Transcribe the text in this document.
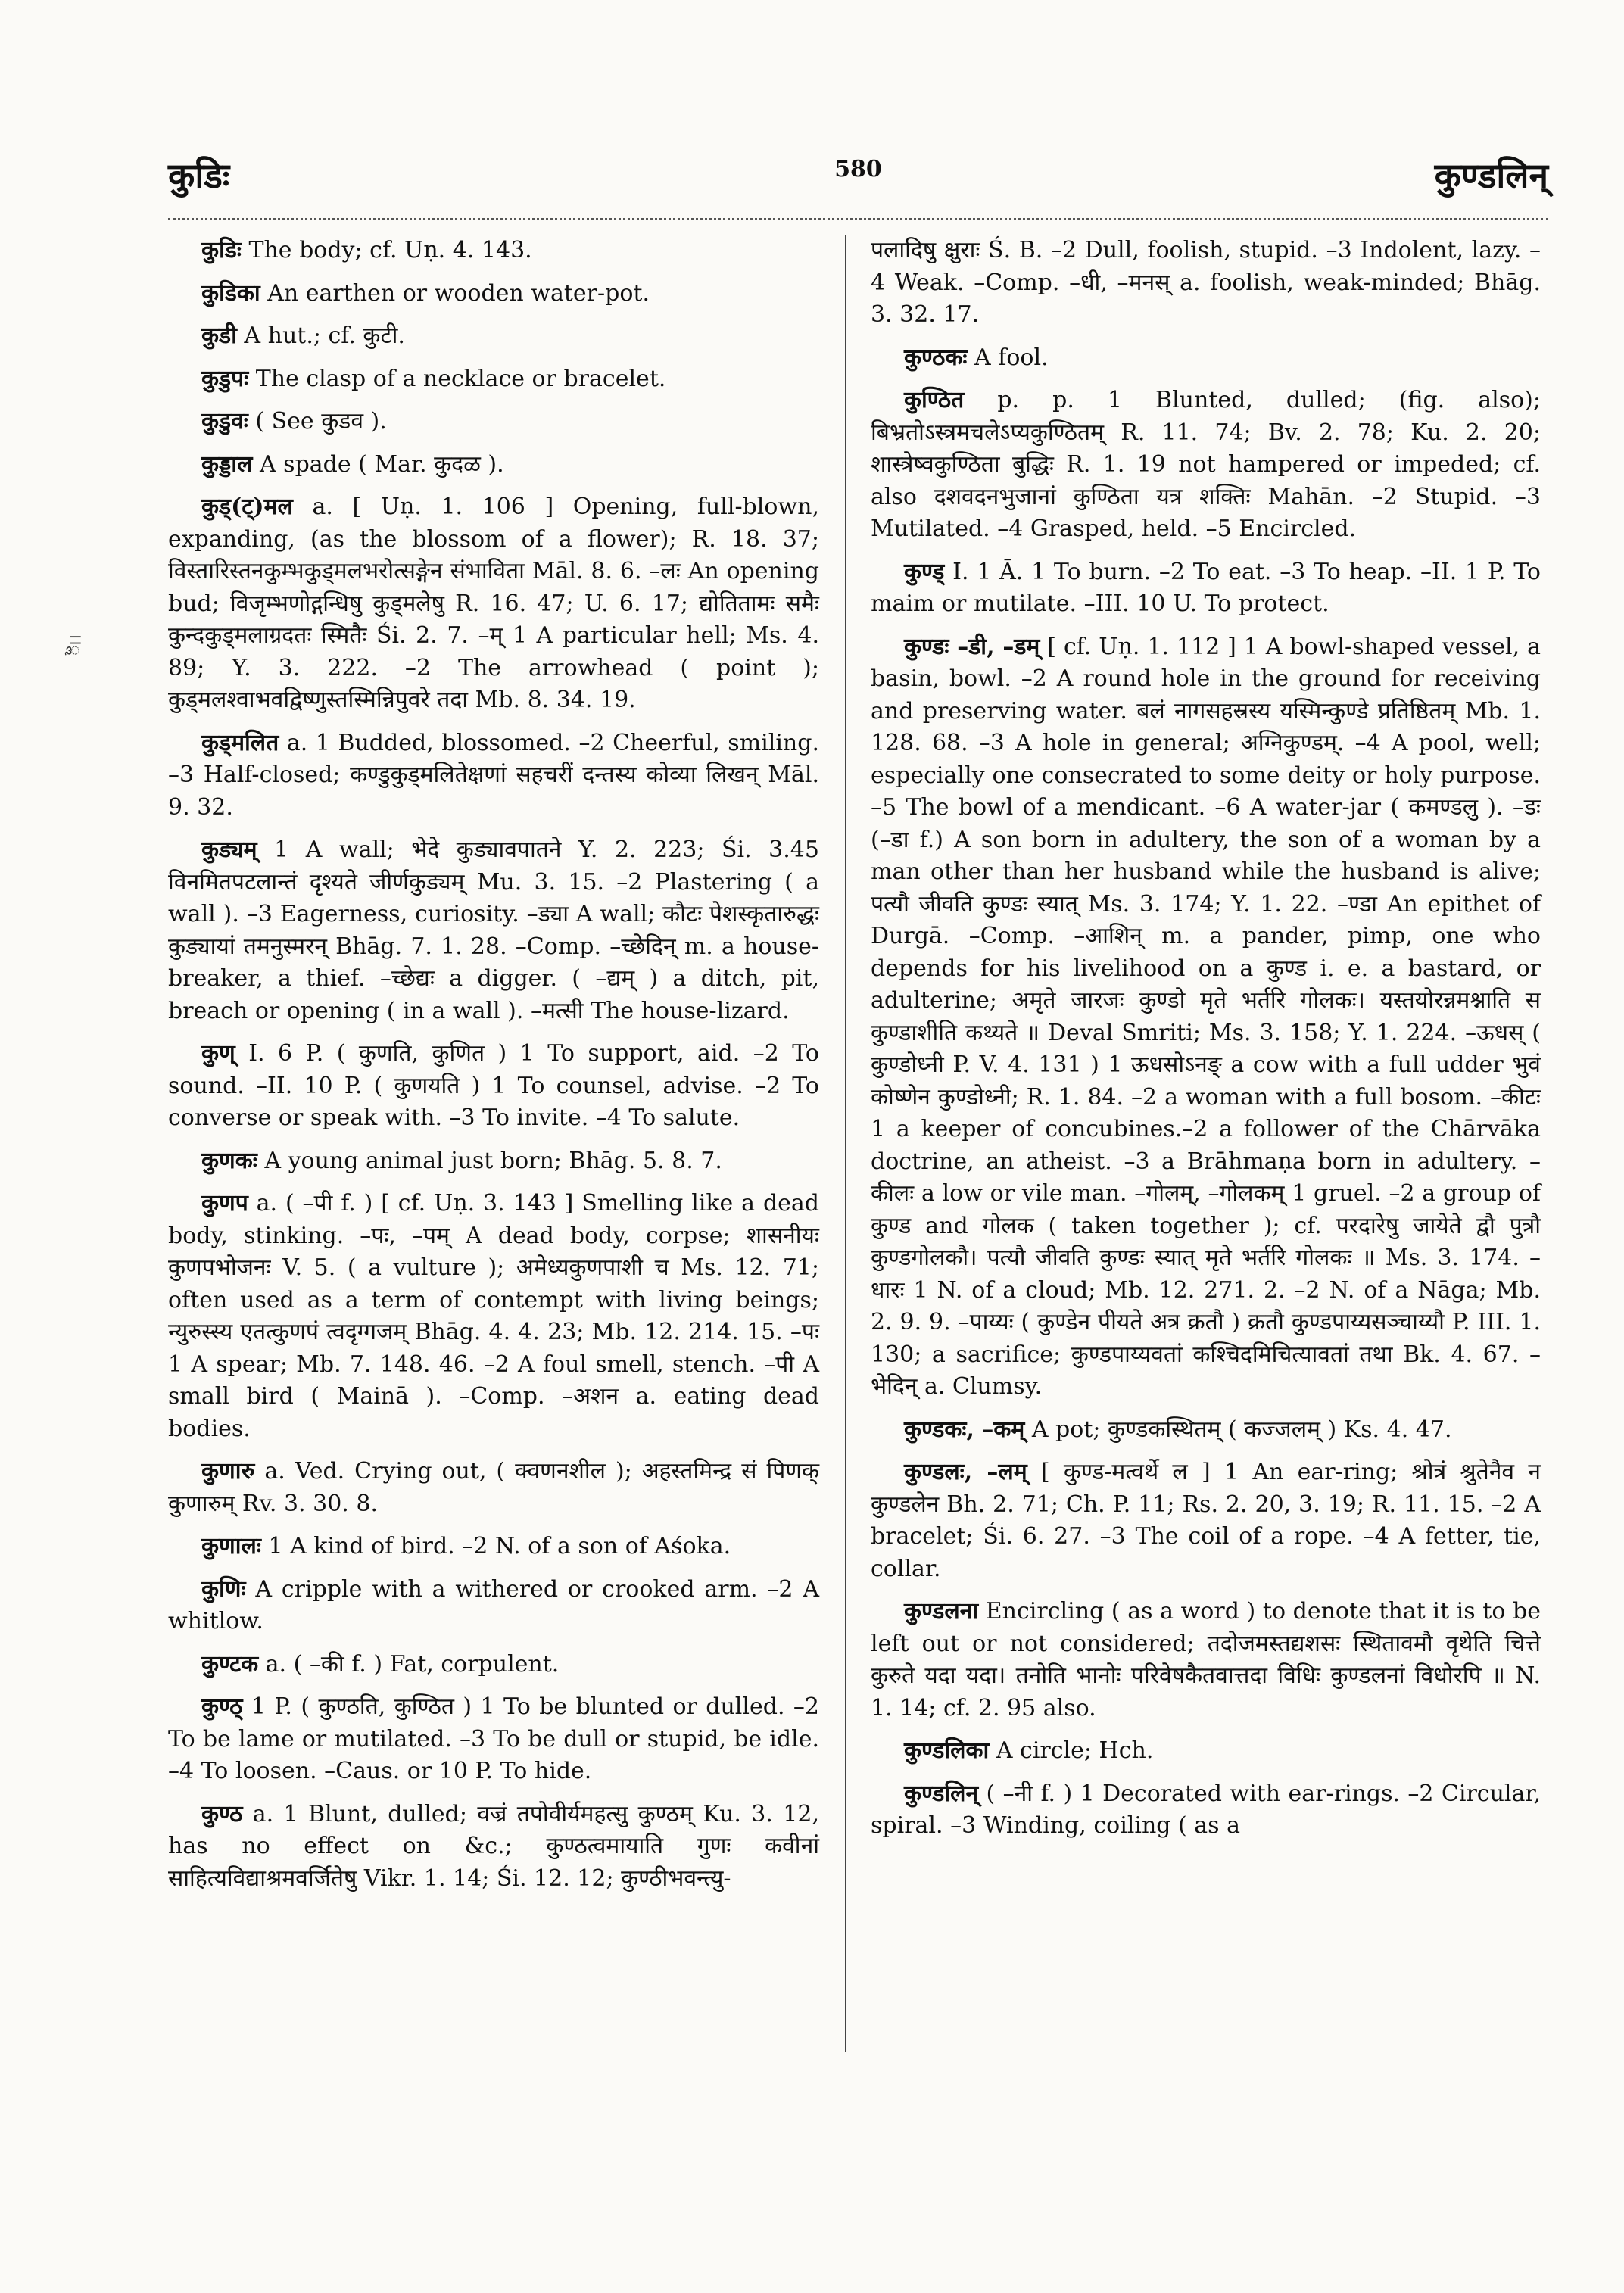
कुडिः	580	कुण्डलिन्
।।ॢ

कुडिः The body; cf. Uṇ. 4. 143.

कुडिका An earthen or wooden water-pot.

कुडी A hut.; cf. कुटी.

कुडुपः The clasp of a necklace or bracelet.

कुडुवः ( See कुडव ).

कुड्डाल A spade ( Mar. कुदळ ).

कुड्(ट्)मल a. [ Uṇ. 1. 106 ] Opening, full-blown, expanding, (as the blossom of a flower); R. 18. 37; विस्तारिस्तनकुम्भकुड्मलभरोत्सङ्गेन संभाविता Māl. 8. 6. –लः An opening bud; विजृम्भणोद्गन्धिषु कुड्मलेषु R. 16. 47; U. 6. 17; द्योतितामः समैः कुन्दकुड्मलाग्रदतः स्मितैः Śi. 2. 7. –म् 1 A particular hell; Ms. 4. 89; Y. 3. 222. –2 The arrowhead ( point ); कुड्मलश्वाभवद्विष्णुस्तस्मिन्निपुवरे तदा Mb. 8. 34. 19.

कुड्मलित a. 1 Budded, blossomed. –2 Cheerful, smiling. –3 Half-closed; कण्डुकुड्मलितेक्षणां सहचरीं दन्तस्य कोव्या लिखन् Māl. 9. 32.

कुड्यम् 1 A wall; भेदे कुड्यावपातने Y. 2. 223; Śi. 3.45 विनमितपटलान्तं दृश्यते जीर्णकुड्यम् Mu. 3. 15. –2 Plastering ( a wall ). –3 Eagerness, curiosity. –ड्या A wall; कौटः पेशस्कृतारुद्धः कुड्यायां तमनुस्मरन् Bhāg. 7. 1. 28. –Comp. –च्छेदिन् m. a house-breaker, a thief. –च्छेद्यः a digger. ( –द्यम् ) a ditch, pit, breach or opening ( in a wall ). –मत्सी The house-lizard.

कुण् I. 6 P. ( कुणति, कुणित ) 1 To support, aid. –2 To sound. –II. 10 P. ( कुणयति ) 1 To counsel, advise. –2 To converse or speak with. –3 To invite. –4 To salute.

कुणकः A young animal just born; Bhāg. 5. 8. 7.

कुणप a. ( –पी f. ) [ cf. Uṇ. 3. 143 ] Smelling like a dead body, stinking. –पः, –पम् A dead body, corpse; शासनीयः कुणपभोजनः V. 5. ( a vulture ); अमेध्यकुणपाशी च Ms. 12. 71; often used as a term of contempt with living beings; न्युरुस्स्य एतत्कुणपं त्वदृग्गजम् Bhāg. 4. 4. 23; Mb. 12. 214. 15. –पः 1 A spear; Mb. 7. 148. 46. –2 A foul smell, stench. –पी A small bird ( Mainā ). –Comp. –अशन a. eating dead bodies.

कुणारु a. Ved. Crying out, ( क्वणनशील ); अहस्तमिन्द्र सं पिणक् कुणारुम् Rv. 3. 30. 8.

कुणालः 1 A kind of bird. –2 N. of a son of Aśoka.

कुणिः A cripple with a withered or crooked arm. –2 A whitlow.

कुण्टक a. ( –की f. ) Fat, corpulent.

कुण्ठ् 1 P. ( कुण्ठति, कुण्ठित ) 1 To be blunted or dulled. –2 To be lame or mutilated. –3 To be dull or stupid, be idle. –4 To loosen. –Caus. or 10 P. To hide.

कुण्ठ a. 1 Blunt, dulled; वज्रं तपोवीर्यमहत्सु कुण्ठम् Ku. 3. 12, has no effect on &c.; कुण्ठत्वमायाति गुणः कवीनां साहित्यविद्याश्रमवर्जितेषु Vikr. 1. 14; Śi. 12. 12; कुण्ठीभवन्त्यु-

पलादिषु क्षुराः Ś. B. –2 Dull, foolish, stupid. –3 Indolent, lazy. –4 Weak. –Comp. –धी, –मनस् a. foolish, weak-minded; Bhāg. 3. 32. 17.

कुण्ठकः A fool.

कुण्ठित p. p. 1 Blunted, dulled; (fig. also); बिभ्रतोऽस्त्रमचलेऽप्यकुण्ठितम् R. 11. 74; Bv. 2. 78; Ku. 2. 20; शास्त्रेष्वकुण्ठिता बुद्धिः R. 1. 19 not hampered or impeded; cf. also दशवदनभुजानां कुण्ठिता यत्र शक्तिः Mahān. –2 Stupid. –3 Mutilated. –4 Grasped, held. –5 Encircled.

कुण्ड् I. 1 Ā. 1 To burn. –2 To eat. –3 To heap. –II. 1 P. To maim or mutilate. –III. 10 U. To protect.

कुण्डः –डी, –डम् [ cf. Uṇ. 1. 112 ] 1 A bowl-shaped vessel, a basin, bowl. –2 A round hole in the ground for receiving and preserving water. बलं नागसहस्रस्य यस्मिन्कुण्डे प्रतिष्ठितम् Mb. 1. 128. 68. –3 A hole in general; अग्निकुण्डम्. –4 A pool, well; especially one consecrated to some deity or holy purpose. –5 The bowl of a mendicant. –6 A water-jar ( कमण्डलु ). –डः (–डा f.) A son born in adultery, the son of a woman by a man other than her husband while the husband is alive; पत्यौ जीवति कुण्डः स्यात् Ms. 3. 174; Y. 1. 22. –ण्डा An epithet of Durgā. –Comp. –आशिन् m. a pander, pimp, one who depends for his livelihood on a कुण्ड i. e. a bastard, or adulterine; अमृते जारजः कुण्डो मृते भर्तरि गोलकः। यस्तयोरन्नमश्नाति स कुण्डाशीति कथ्यते ॥ Deval Smriti; Ms. 3. 158; Y. 1. 224. –ऊधस् ( कुण्डोध्नी P. V. 4. 131 ) 1 ऊधसोऽनङ् a cow with a full udder भुवं कोष्णेन कुण्डोध्नी; R. 1. 84. –2 a woman with a full bosom. –कीटः 1 a keeper of concubines.–2 a follower of the Chārvāka doctrine, an atheist. –3 a Brāhmaṇa born in adultery. –कीलः a low or vile man. –गोलम्, –गोलकम् 1 gruel. –2 a group of कुण्ड and गोलक ( taken together ); cf. परदारेषु जायेते द्वौ पुत्रौ कुण्डगोलकौ। पत्यौ जीवति कुण्डः स्यात् मृते भर्तरि गोलकः ॥ Ms. 3. 174. –धारः 1 N. of a cloud; Mb. 12. 271. 2. –2 N. of a Nāga; Mb. 2. 9. 9. –पाय्यः ( कुण्डेन पीयते अत्र क्रतौ ) क्रतौ कुण्डपाय्यसञ्चाय्यौ P. III. 1. 130; a sacrifice; कुण्डपाय्यवतां कश्चिदमिचित्यावतां तथा Bk. 4. 67. –भेदिन् a. Clumsy.

कुण्डकः, –कम् A pot; कुण्डकस्थितम् ( कज्जलम् ) Ks. 4. 47.

कुण्डलः, –लम् [ कुण्ड-मत्वर्थे ल ] 1 An ear-ring; श्रोत्रं श्रुतेनैव न कुण्डलेन Bh. 2. 71; Ch. P. 11; Rs. 2. 20, 3. 19; R. 11. 15. –2 A bracelet; Śi. 6. 27. –3 The coil of a rope. –4 A fetter, tie, collar.

कुण्डलना Encircling ( as a word ) to denote that it is to be left out or not considered; तदोजमस्तद्यशसः स्थितावमौ वृथेति चित्ते कुरुते यदा यदा। तनोति भानोः परिवेषकैतवात्तदा विधिः कुण्डलनां विधोरपि ॥ N. 1. 14; cf. 2. 95 also.

कुण्डलिका A circle; Hch.

कुण्डलिन् ( –नी f. ) 1 Decorated with ear-rings. –2 Circular, spiral. –3 Winding, coiling ( as a
